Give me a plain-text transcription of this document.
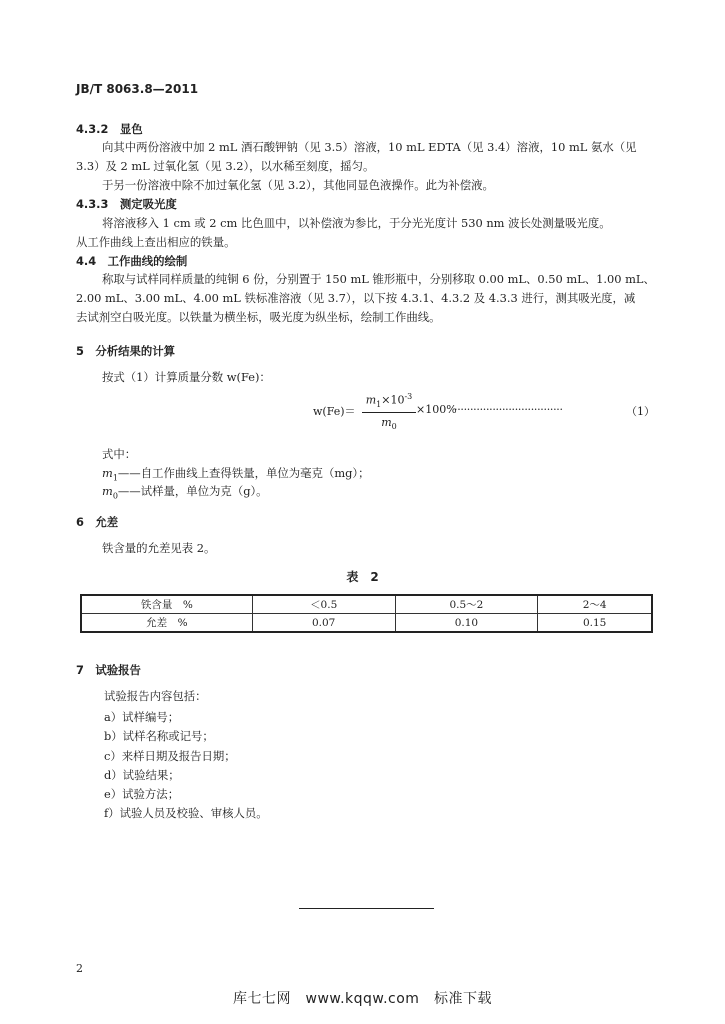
JB/T 8063.8—2011
4.3.2　显色
向其中两份溶液中加 2 mL 酒石酸钾钠（见 3.5）溶液，10 mL EDTA（见 3.4）溶液，10 mL 氨水（见
3.3）及 2 mL 过氧化氢（见 3.2），以水稀至刻度，摇匀。
于另一份溶液中除不加过氧化氢（见 3.2），其他同显色液操作。此为补偿液。
4.3.3　测定吸光度
将溶液移入 1 cm 或 2 cm 比色皿中，以补偿液为参比，于分光光度计 530 nm 波长处测量吸光度。
从工作曲线上查出相应的铁量。
4.4　工作曲线的绘制
称取与试样同样质量的纯铜 6 份，分别置于 150 mL 锥形瓶中，分别移取 0.00 mL、0.50 mL、1.00 mL、
2.00 mL、3.00 mL、4.00 mL 铁标准溶液（见 3.7），以下按 4.3.1、4.3.2 及 4.3.3 进行，测其吸光度，减
去试剂空白吸光度。以铁量为横坐标，吸光度为纵坐标，绘制工作曲线。
5　分析结果的计算
按式（1）计算质量分数 w(Fe)：
w(Fe)＝
$m_1\times 10^{-3}$
$m_0$
×100%
··································	（1）
式中：
$m_1——$自工作曲线上查得铁量，单位为毫克（mg）；
$m_0——$试样量，单位为克（g）。
6　允差
铁含量的允差见表 2。
表　2
铁含量　%	＜0.5	0.5～2	2～4
允差　%	0.07	0.10	0.15
7　试验报告
试验报告内容包括：
a）试样编号；
b）试样名称或记号；
c）来样日期及报告日期；
d）试验结果；
e）试验方法；
f）试验人员及校验、审核人员。
2
库七七网　www.kqqw.com　标准下载
